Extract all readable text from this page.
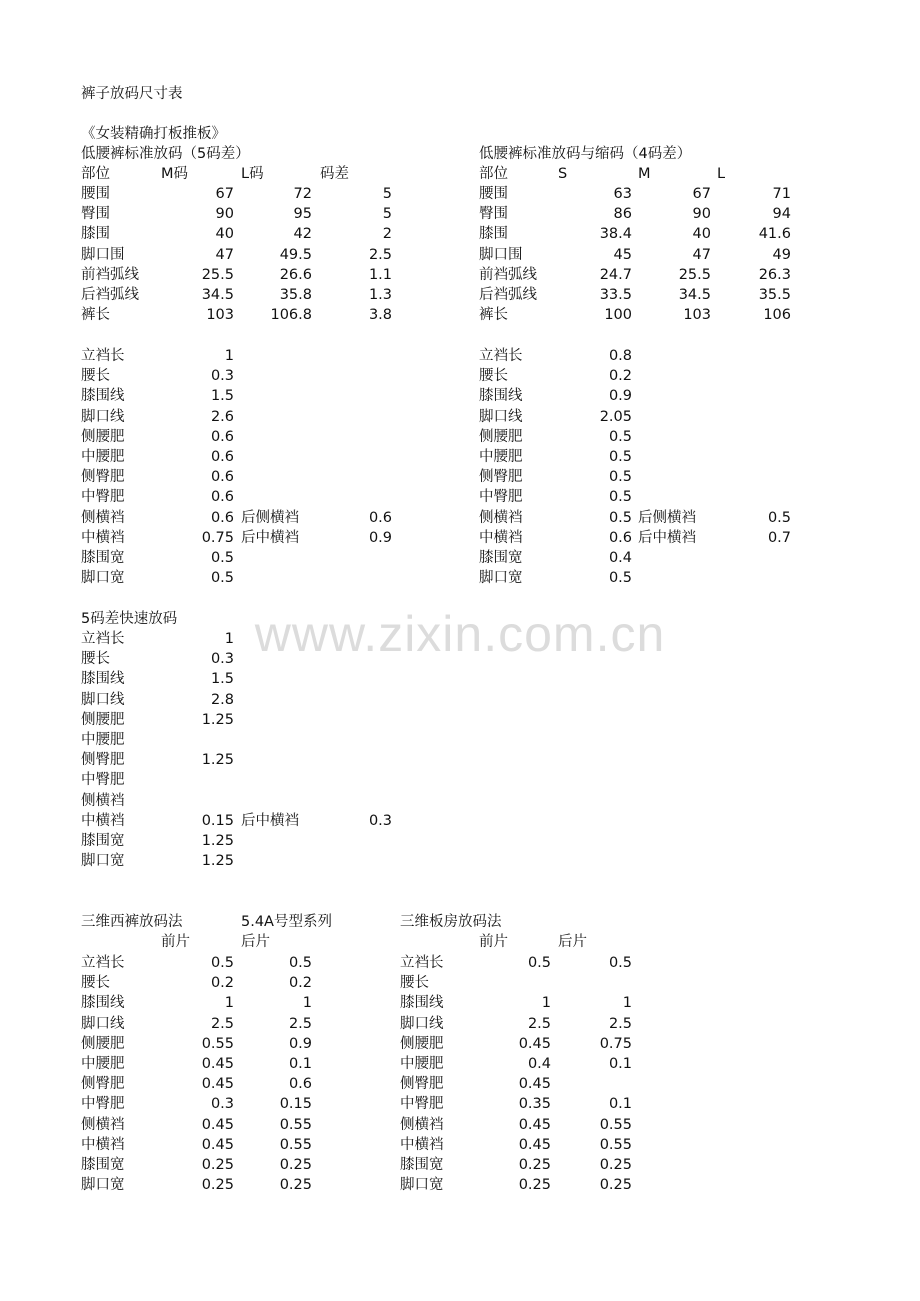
裤子放码尺寸表
《女装精确打板推板》
www.zixin.com.cn
低腰裤标准放码（5码差）
部位	M码	L码	码差
腰围	67	72	5
臀围	90	95	5
膝围	40	42	2
脚口围	47	49.5	2.5
前裆弧线	25.5	26.6	1.1
后裆弧线	34.5	35.8	1.3
裤长	103	106.8	3.8
立裆长	1
腰长	0.3
膝围线	1.5
脚口线	2.6
侧腰肥	0.6
中腰肥	0.6
侧臀肥	0.6
中臀肥	0.6
侧横裆	0.6 后侧横裆	0.6
中横裆	0.75 后中横裆	0.9
膝围宽	0.5
脚口宽	0.5
低腰裤标准放码与缩码（4码差）
部位	S	M	L
腰围	63	67	71
臀围	86	90	94
膝围	38.4	40	41.6
脚口围	45	47	49
前裆弧线	24.7	25.5	26.3
后裆弧线	33.5	34.5	35.5
裤长	100	103	106
立裆长	0.8
腰长	0.2
膝围线	0.9
脚口线	2.05
侧腰肥	0.5
中腰肥	0.5
侧臀肥	0.5
中臀肥	0.5
侧横裆	0.5 后侧横裆	0.5
中横裆	0.6 后中横裆	0.7
膝围宽	0.4
脚口宽	0.5
5码差快速放码
立裆长	1
腰长	0.3
膝围线	1.5
脚口线	2.8
侧腰肥	1.25
中腰肥
侧臀肥	1.25
中臀肥
侧横裆
中横裆	0.15 后中横裆	0.3
膝围宽	1.25
脚口宽	1.25
三维西裤放码法	5.4A号型系列
前片	后片
立裆长	0.5	0.5
腰长	0.2	0.2
膝围线	1	1
脚口线	2.5	2.5
侧腰肥	0.55	0.9
中腰肥	0.45	0.1
侧臀肥	0.45	0.6
中臀肥	0.3	0.15
侧横裆	0.45	0.55
中横裆	0.45	0.55
膝围宽	0.25	0.25
脚口宽	0.25	0.25
三维板房放码法
前片	后片
立裆长	0.5	0.5
腰长
膝围线	1	1
脚口线	2.5	2.5
侧腰肥	0.45	0.75
中腰肥	0.4	0.1
侧臀肥	0.45
中臀肥	0.35	0.1
侧横裆	0.45	0.55
中横裆	0.45	0.55
膝围宽	0.25	0.25
脚口宽	0.25	0.25
